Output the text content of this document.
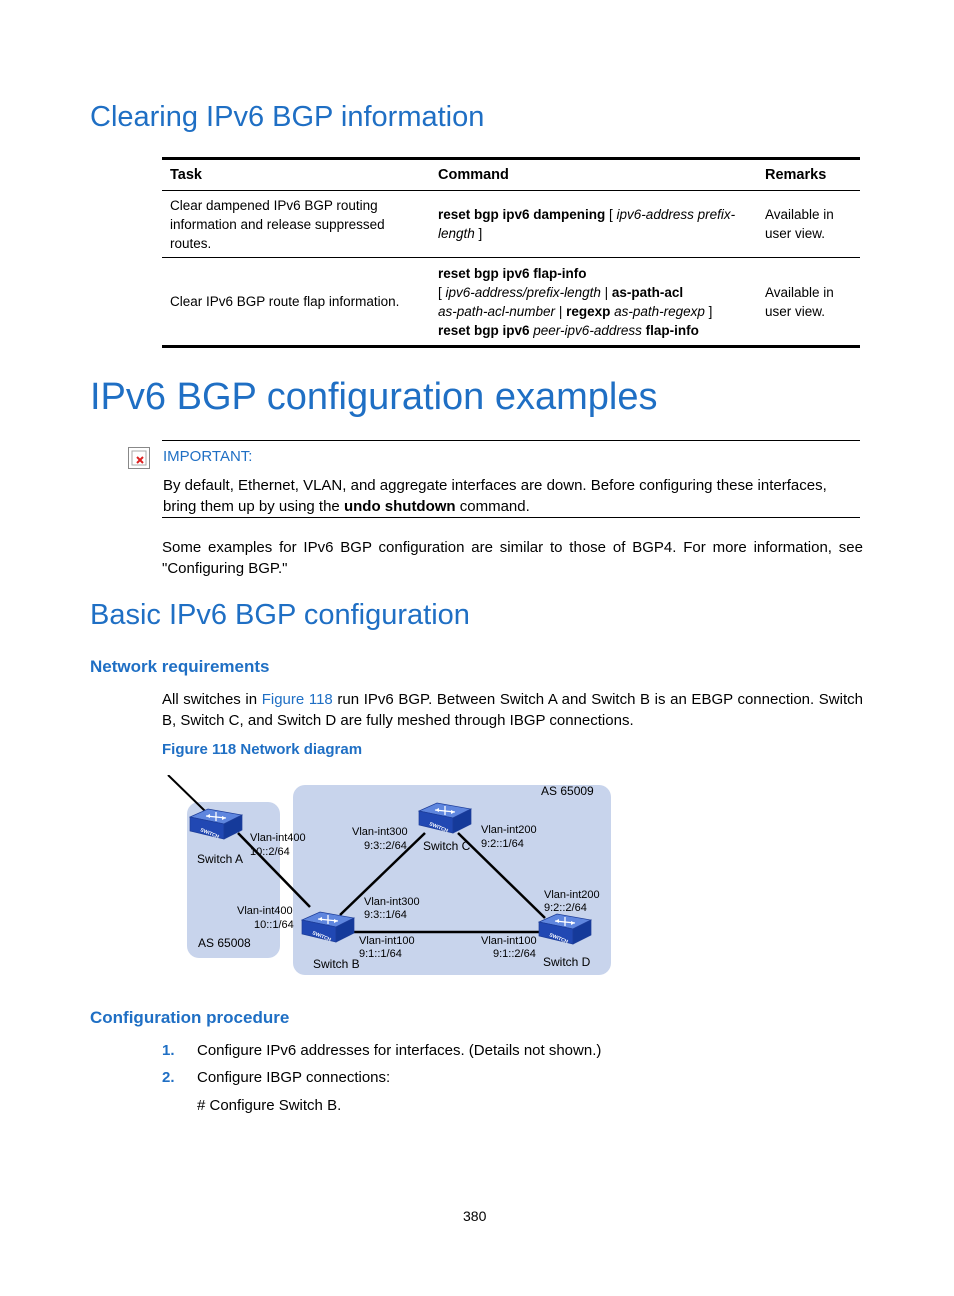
Clearing IPv6 BGP information
Task	Command	Remarks
Clear dampened IPv6 BGP routing information and release suppressed routes.
reset bgp ipv6 dampening [ ipv6-address prefix-length ]
Available in user view.
Clear IPv6 BGP route flap information.
reset bgp ipv6 flap-info
[ ipv6-address/prefix-length | as-path-acl
as-path-acl-number | regexp as-path-regexp ]
reset bgp ipv6 peer-ipv6-address flap-info
Available in user view.
IPv6 BGP configuration examples
IMPORTANT:
By default, Ethernet, VLAN, and aggregate interfaces are down. Before configuring these interfaces, bring them up by using the undo shutdown command.
Some examples for IPv6 BGP configuration are similar to those of BGP4. For more information, see "Configuring BGP."
Basic IPv6 BGP configuration
Network requirements
All switches in Figure 118 run IPv6 BGP. Between Switch A and Switch B is an EBGP connection. Switch B, Switch C, and Switch D are fully meshed through IBGP connections.
Figure 118 Network diagram
SWITCH
SWITCH
SWITCH
SWITCH
AS 65009
AS 65008
Switch A
Switch B
Switch C
Switch D
Vlan-int400
10::2/64
Vlan-int400
10::1/64
Vlan-int300
9:3::1/64
Vlan-int100
9:1::1/64
Vlan-int300
9:3::2/64
Vlan-int200
9:2::1/64
Vlan-int200
9:2::2/64
Vlan-int100
9:1::2/64
Configuration procedure
1. Configure IPv6 addresses for interfaces. (Details not shown.)
2. Configure IBGP connections:
# Configure Switch B.
380
